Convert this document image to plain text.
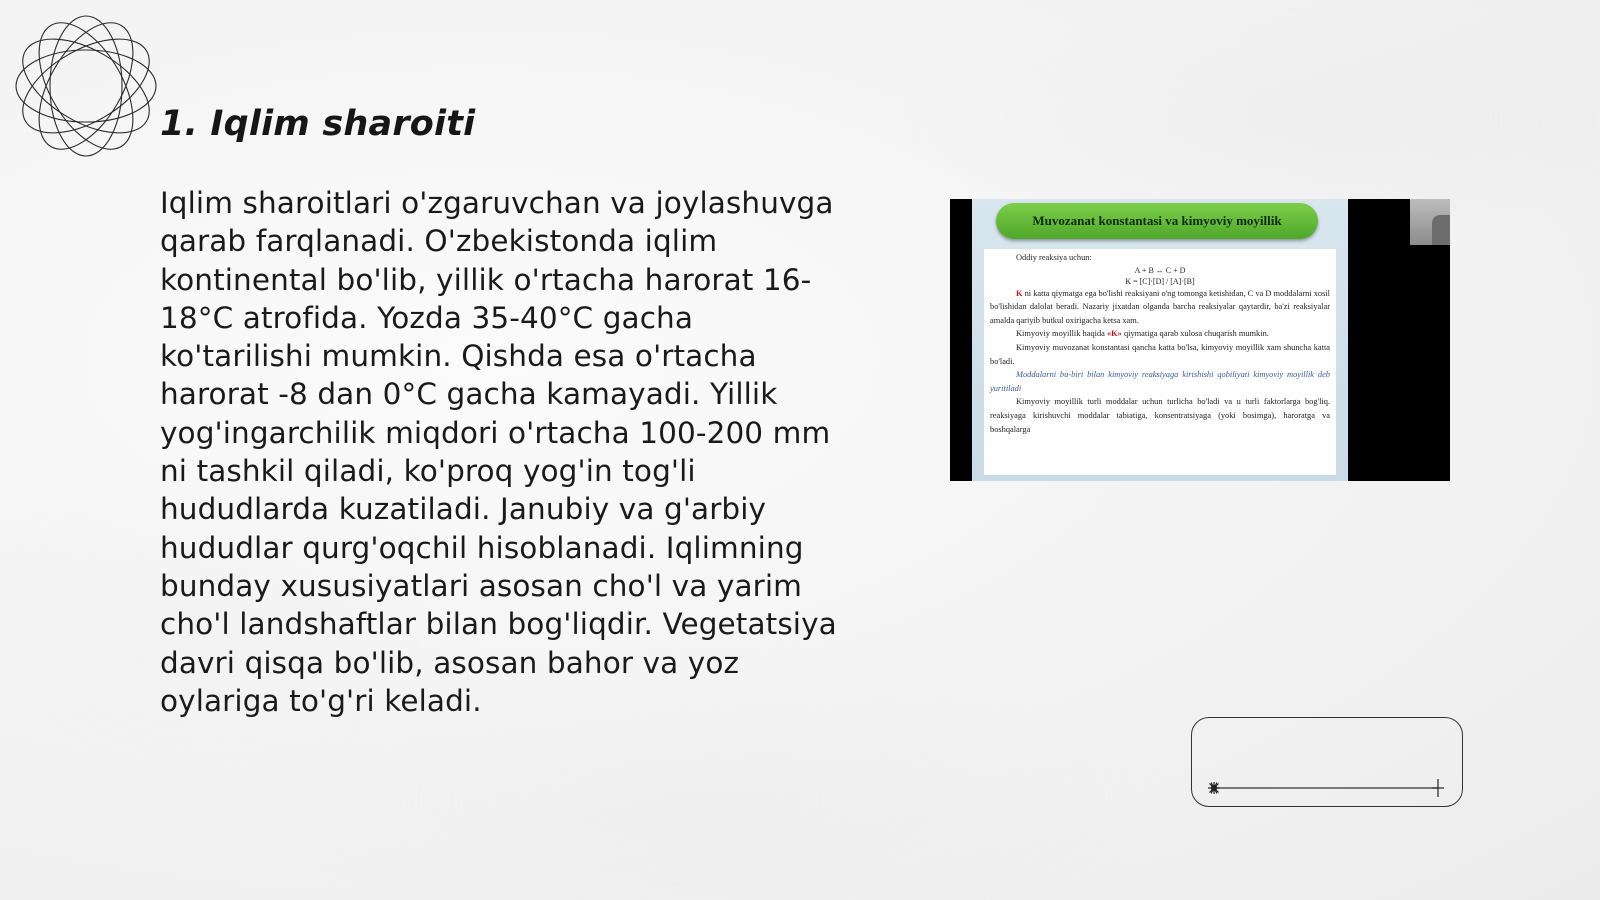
1. Iqlim sharoiti

Iqlim sharoitlari o'zgaruvchan va joylashuvga qarab farqlanadi. O'zbekistonda iqlim kontinental bo'lib, yillik o'rtacha harorat 16-18°C atrofida. Yozda 35-40°C gacha ko'tarilishi mumkin. Qishda esa o'rtacha harorat -8 dan 0°C gacha kamayadi. Yillik yog'ingarchilik miqdori o'rtacha 100-200 mm ni tashkil qiladi, ko'proq yog'in tog'li hududlarda kuzatiladi. Janubiy va g'arbiy hududlar qurg'oqchil hisoblanadi. Iqlimning bunday xususiyatlari asosan cho'l va yarim cho'l landshaftlar bilan bog'liqdir. Vegetatsiya davri qisqa bo'lib, asosan bahor va yoz oylariga to'g'ri keladi.

Muvozanat konstantasi va kimyoviy moyillik

Oddiy reaksiya uchun:

A + B ↔ C + D

K = [C]·[D] / [A]·[B]

K ni katta qiymatga ega bo'lishi reaksiyani o'ng tomonga ketishidan, C va D moddalarni xosil bo'lishidan dalolat beradi. Nazariy jixatdan olganda barcha reaksiyalar qaytardir, ba'zi reaksiyalar amalda qariyib butkul oxirigacha ketsa xam.

Kimyoviy moyillik haqida «K» qiymatiga qarab xulosa chuqarish mumkin.

Kimyoviy muvozanat konstantasi qancha katta bo'lsa, kimyoviy moyillik xam shuncha katta bo'ladi.

Moddalarni bu-biri bilan kimyoviy reaksiyaga kirishishi qobiliyati kimyoviy moyillik deb yuritiladi

Kimyoviy moyillik turli moddalar uchun turlicha bo'ladi va u turli faktorlarga bog'liq. reaksiyaga kirishuvchi moddalar tabiatiga, konsentratsiyaga (yoki bosimga), haroratga va boshqalarga
